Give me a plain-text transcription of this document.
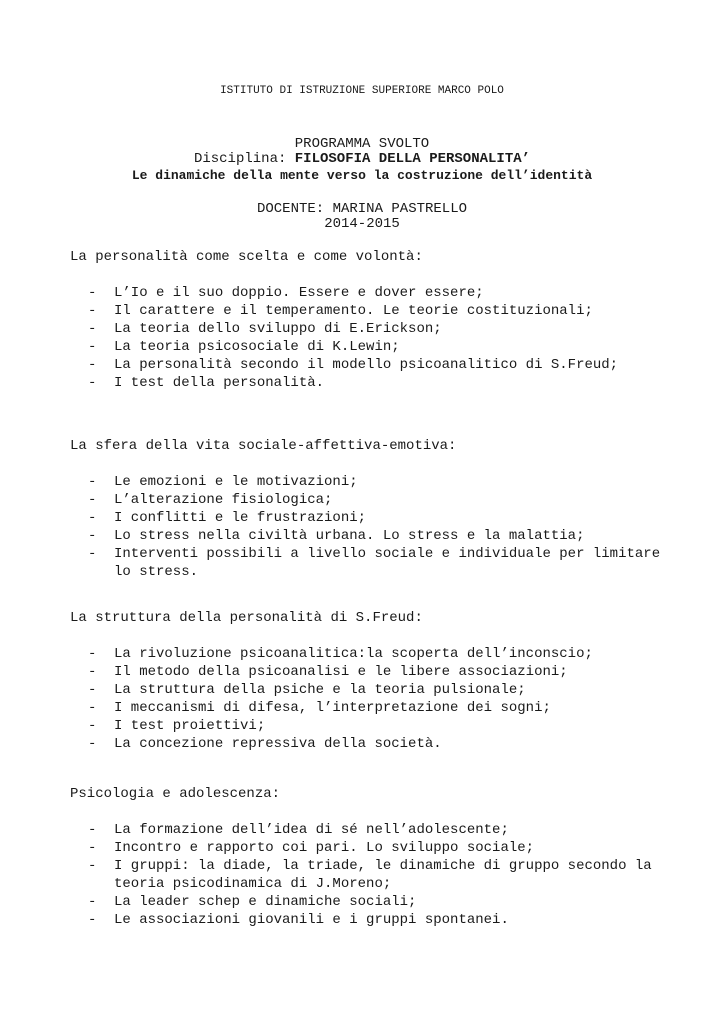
ISTITUTO DI ISTRUZIONE SUPERIORE MARCO POLO
PROGRAMMA SVOLTO
Disciplina: FILOSOFIA DELLA PERSONALITA’
Le dinamiche della mente verso la costruzione dell’identità
DOCENTE: MARINA PASTRELLO
2014-2015
La personalità come scelta e come volontà:
- L’Io e il suo doppio. Essere e dover essere;
- Il carattere e il temperamento. Le teorie costituzionali;
- La teoria dello sviluppo di E.Erickson;
- La teoria psicosociale di K.Lewin;
- La personalità secondo il modello psicoanalitico di S.Freud;
- I test della personalità.
La sfera della vita sociale-affettiva-emotiva:
- Le emozioni e le motivazioni;
- L’alterazione fisiologica;
- I conflitti e le frustrazioni;
- Lo stress nella civiltà urbana. Lo stress e la malattia;
- Interventi possibili a livello sociale e individuale per limitare lo stress.
La struttura della personalità di S.Freud:
- La rivoluzione psicoanalitica:la scoperta dell’inconscio;
- Il metodo della psicoanalisi e le libere associazioni;
- La struttura della psiche e la teoria pulsionale;
- I meccanismi di difesa, l’interpretazione dei sogni;
- I test proiettivi;
- La concezione repressiva della società.
Psicologia e adolescenza:
- La formazione dell’idea di sé nell’adolescente;
- Incontro e rapporto coi pari. Lo sviluppo sociale;
- I gruppi: la diade, la triade, le dinamiche di gruppo secondo la teoria psicodinamica di J.Moreno;
- La leader schep e dinamiche sociali;
- Le associazioni giovanili e i gruppi spontanei.
